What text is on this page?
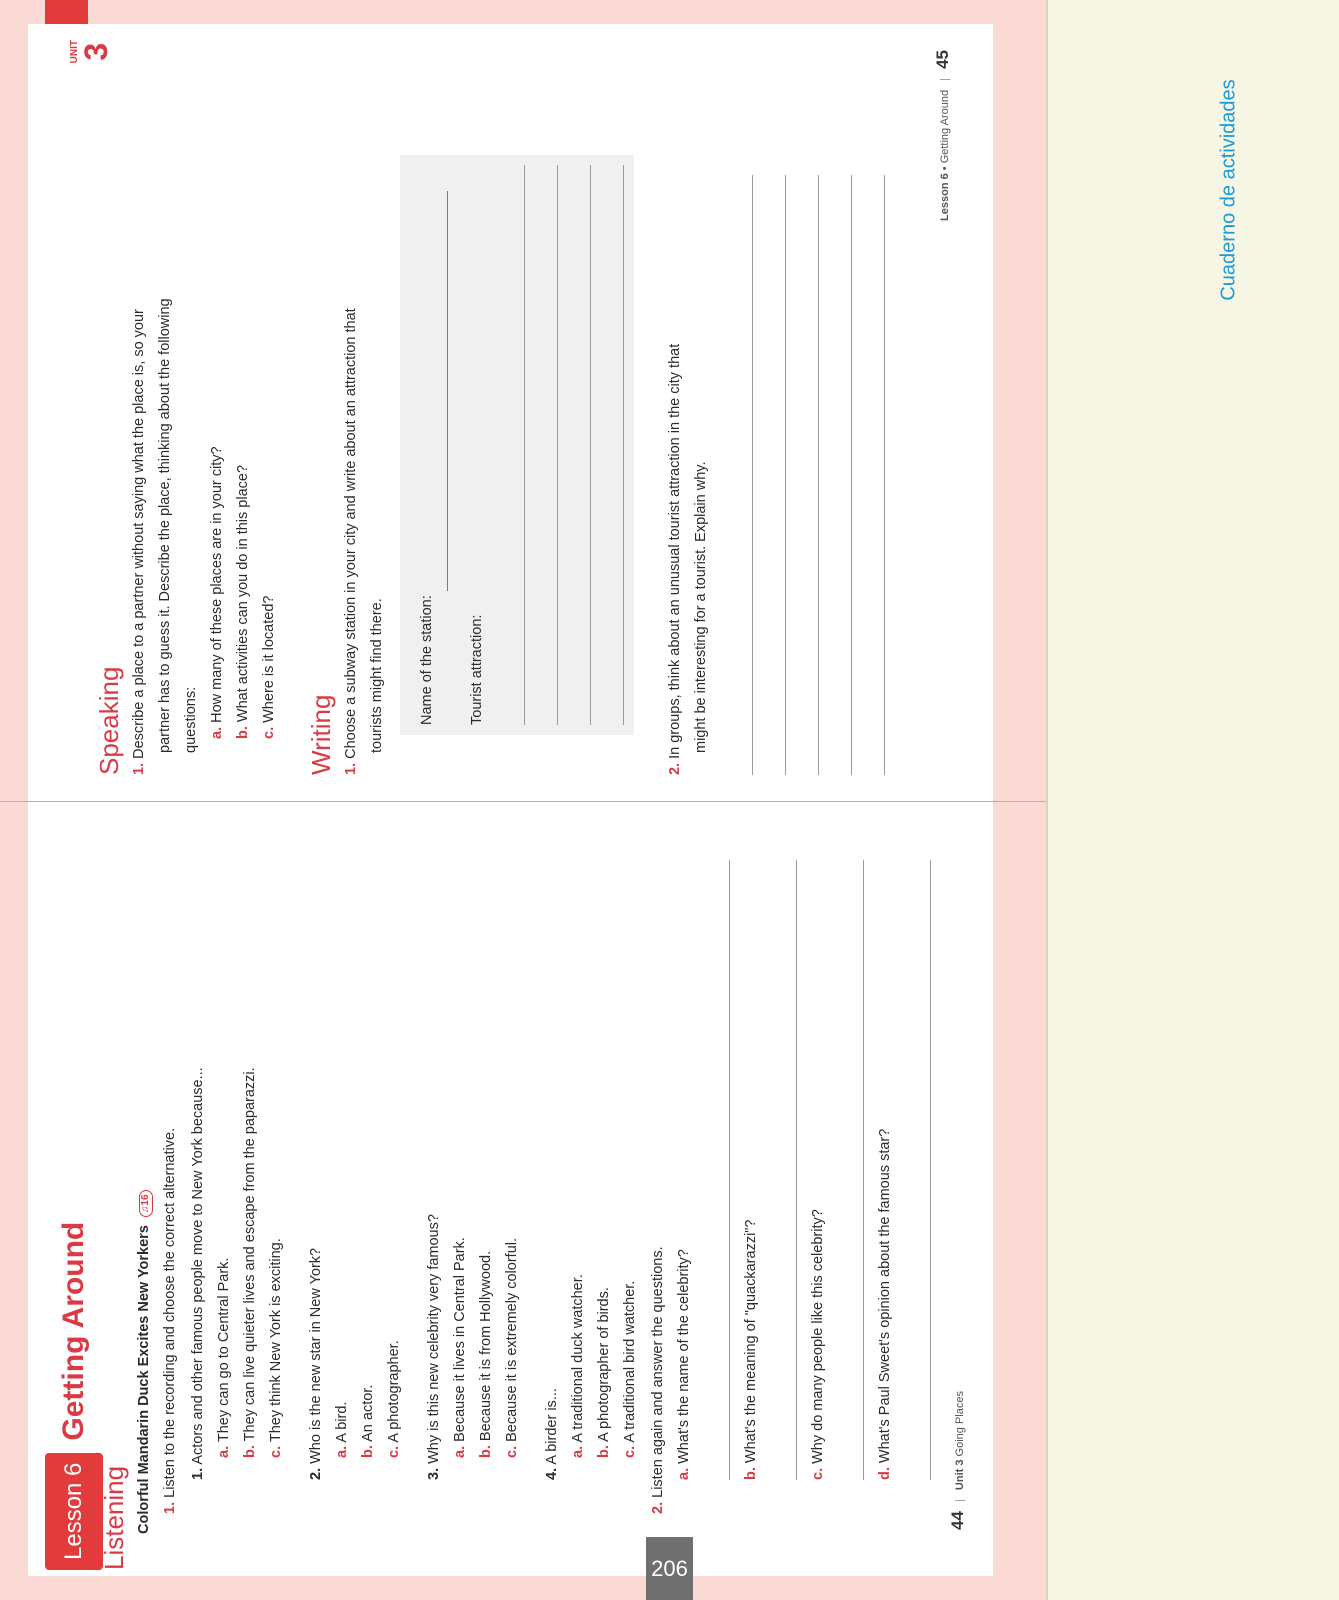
UNIT
3
Speaking 1. Describe a place to a partner without saying what the place is, so your partner has to guess it. Describe the place, thinking about the following questions: a. How many of these places are in your city?
b. What activities can you do in this place?
c. Where is it located?
Writing 1. Choose a subway station in your city and write about an attraction that tourists might find there.	Name of the station:	Tourist attraction:
2. In groups, think about an unusual tourist attraction in the city that might be interesting for a tourist. Explain why.
Lesson 6 • Getting Around | 45
Lesson 6Getting Around
Listening Colorful Mandarin Duck Excites New Yorkers ♫16
1. Listen to the recording and choose the correct alternative. 1. Actors and other famous people move to New York because... a. They can go to Central Park.
b. They can live quieter lives and escape from the paparazzi.
c. They think New York is exciting.
2. Who is the new star in New York? a. A bird.
b. An actor.
c. A photographer.
3. Why is this new celebrity very famous? a. Because it lives in Central Park.
b. Because it is from Hollywood.
c. Because it is extremely colorful.
4. A birder is... a. A traditional duck watcher.
b. A photographer of birds.
c. A traditional bird watcher.
2. Listen again and answer the questions. a. What's the name of the celebrity?
b. What's the meaning of "quackarazzi"?
c. Why do many people like this celebrity?
d. What's Paul Sweet's opinion about the famous star?
44 | Unit 3 Going Places
206
Cuaderno de actividades
